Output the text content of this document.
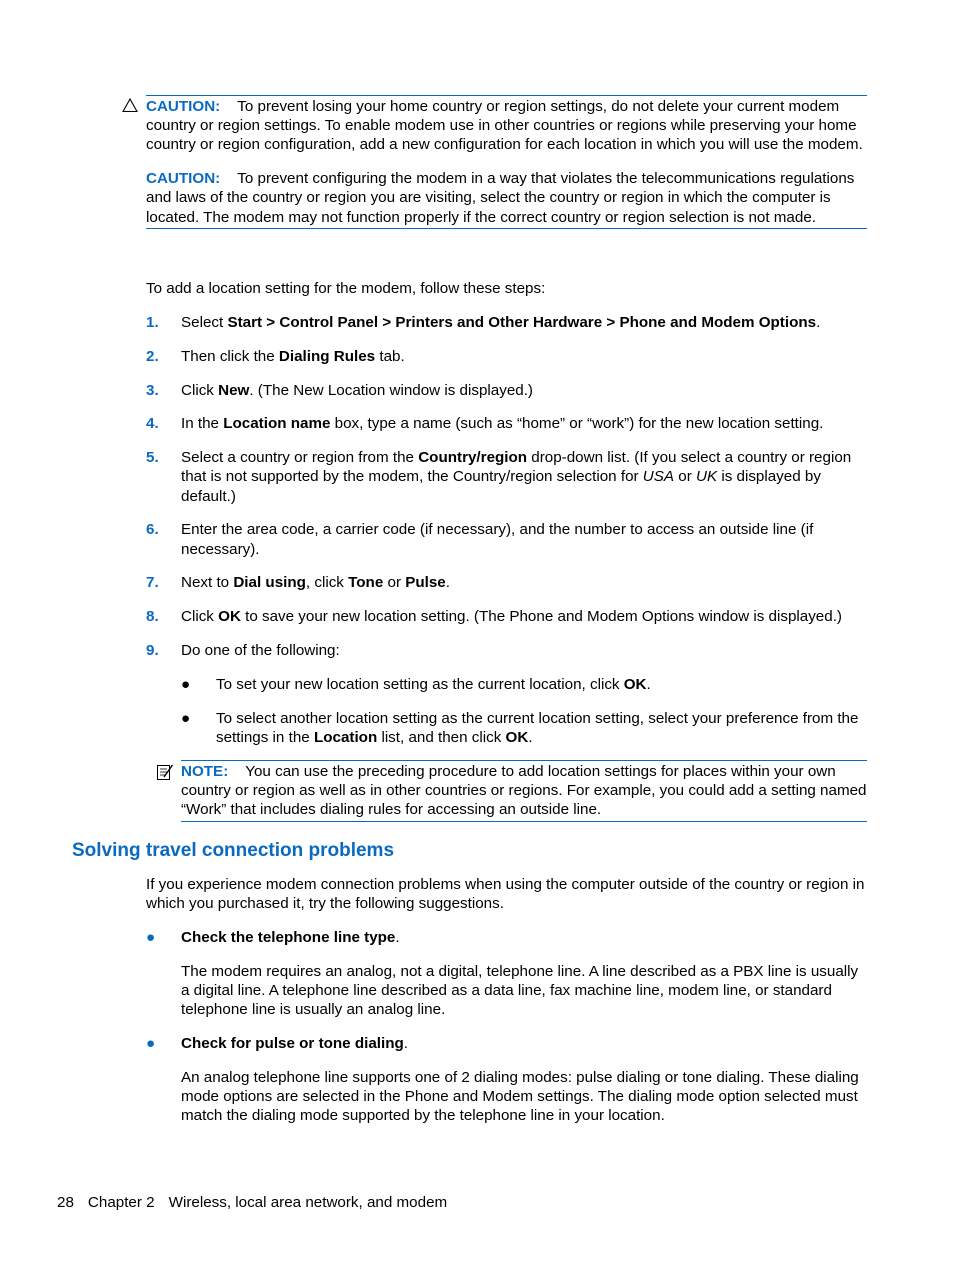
CAUTION: To prevent losing your home country or region settings, do not delete your current modem country or region settings. To enable modem use in other countries or regions while preserving your home country or region configuration, add a new configuration for each location in which you will use the modem.

CAUTION: To prevent configuring the modem in a way that violates the telecommunications regulations and laws of the country or region you are visiting, select the country or region in which the computer is located. The modem may not function properly if the correct country or region selection is not made.

To add a location setting for the modem, follow these steps:

1. Select Start > Control Panel > Printers and Other Hardware > Phone and Modem Options.
2. Then click the Dialing Rules tab.
3. Click New. (The New Location window is displayed.)
4. In the Location name box, type a name (such as “home” or “work”) for the new location setting.
5. Select a country or region from the Country/region drop-down list. (If you select a country or region that is not supported by the modem, the Country/region selection for USA or UK is displayed by default.)
6. Enter the area code, a carrier code (if necessary), and the number to access an outside line (if necessary).
7. Next to Dial using, click Tone or Pulse.
8. Click OK to save your new location setting. (The Phone and Modem Options window is displayed.)
9. Do one of the following:
● To set your new location setting as the current location, click OK.
● To select another location setting as the current location setting, select your preference from the settings in the Location list, and then click OK.

NOTE: You can use the preceding procedure to add location settings for places within your own country or region as well as in other countries or regions. For example, you could add a setting named “Work” that includes dialing rules for accessing an outside line.

Solving travel connection problems

If you experience modem connection problems when using the computer outside of the country or region in which you purchased it, try the following suggestions.

● Check the telephone line type.

The modem requires an analog, not a digital, telephone line. A line described as a PBX line is usually a digital line. A telephone line described as a data line, fax machine line, modem line, or standard telephone line is usually an analog line.

● Check for pulse or tone dialing.

An analog telephone line supports one of 2 dialing modes: pulse dialing or tone dialing. These dialing mode options are selected in the Phone and Modem settings. The dialing mode option selected must match the dialing mode supported by the telephone line in your location.

28 Chapter 2 Wireless, local area network, and modem
